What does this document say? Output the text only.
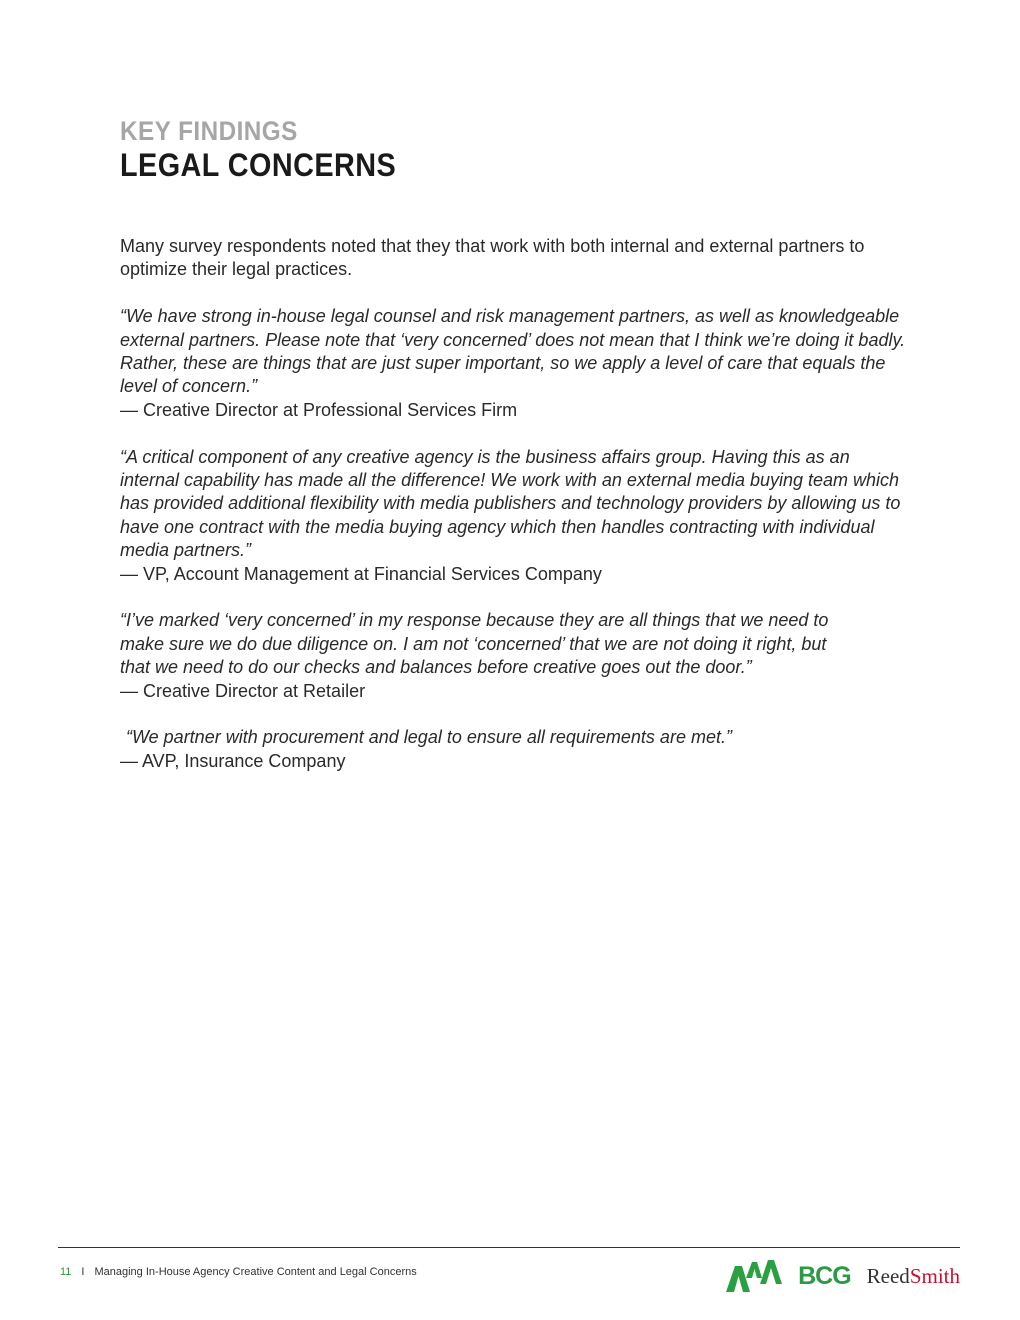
KEY FINDINGS
LEGAL CONCERNS

Many survey respondents noted that they that work with both internal and external partners to optimize their legal practices.

“We have strong in-house legal counsel and risk management partners, as well as knowledgeable external partners. Please note that ‘very concerned’ does not mean that I think we’re doing it badly. Rather, these are things that are just super important, so we apply a level of care that equals the level of concern.”
— Creative Director at Professional Services Firm

“A critical component of any creative agency is the business affairs group. Having this as an internal capability has made all the difference! We work with an external media buying team which has provided additional flexibility with media publishers and technology providers by allowing us to have one contract with the media buying agency which then handles contracting with individual media partners.”
— VP, Account Management at Financial Services Company

“I’ve marked ‘very concerned’ in my response because they are all things that we need to make sure we do due diligence on. I am not ‘concerned’ that we are not doing it right, but that we need to do our checks and balances before creative goes out the door.”
— Creative Director at Retailer

“We partner with procurement and legal to ensure all requirements are met.”
— AVP, Insurance Company

11 I Managing In-House Agency Creative Content and Legal Concerns	BCG ReedSmith
